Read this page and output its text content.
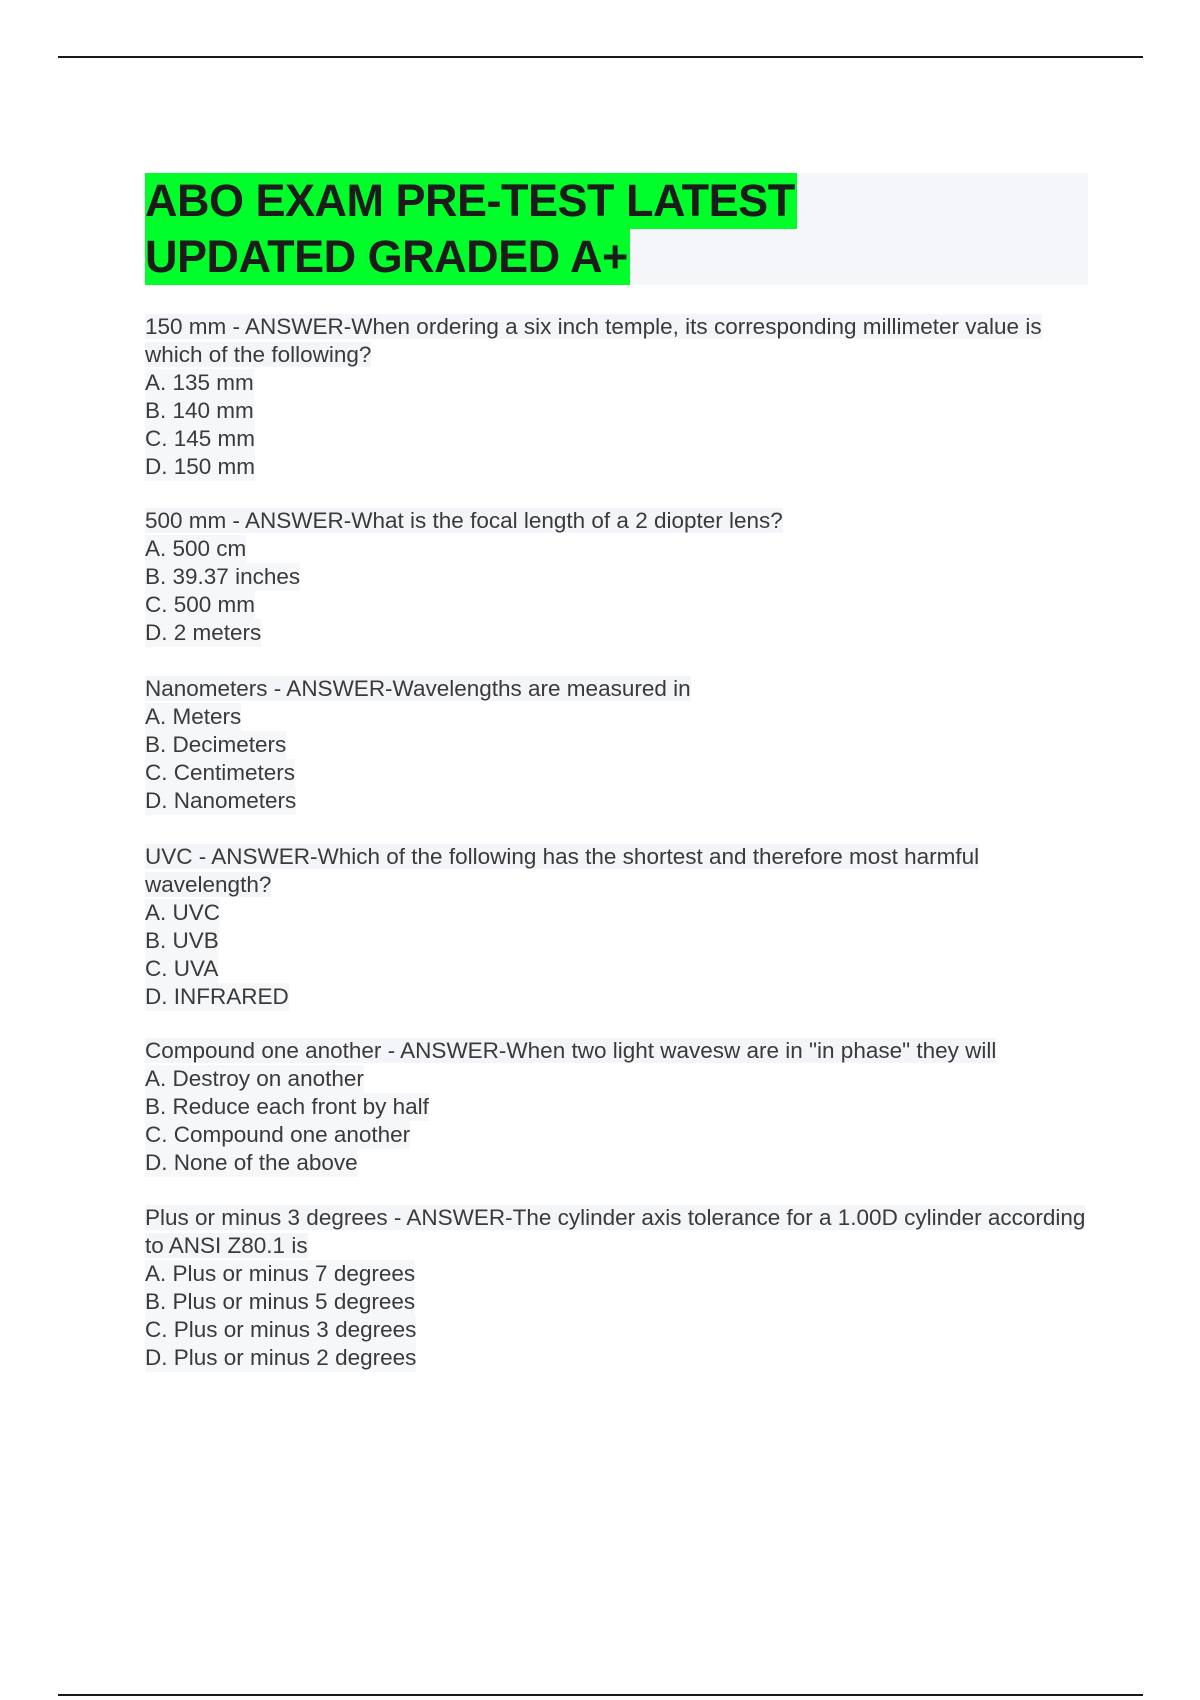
ABO EXAM PRE-TEST LATEST
UPDATED GRADED A+
150 mm - ANSWER-When ordering a six inch temple, its corresponding millimeter value is which of the following?
A. 135 mm
B. 140 mm
C. 145 mm
D. 150 mm
500 mm - ANSWER-What is the focal length of a 2 diopter lens?
A. 500 cm
B. 39.37 inches
C. 500 mm
D. 2 meters
Nanometers - ANSWER-Wavelengths are measured in
A. Meters
B. Decimeters
C. Centimeters
D. Nanometers
UVC - ANSWER-Which of the following has the shortest and therefore most harmful wavelength?
A. UVC
B. UVB
C. UVA
D. INFRARED
Compound one another - ANSWER-When two light wavesw are in "in phase" they will
A. Destroy on another
B. Reduce each front by half
C. Compound one another
D. None of the above
Plus or minus 3 degrees - ANSWER-The cylinder axis tolerance for a 1.00D cylinder according to ANSI Z80.1 is
A. Plus or minus 7 degrees
B. Plus or minus 5 degrees
C. Plus or minus 3 degrees
D. Plus or minus 2 degrees
